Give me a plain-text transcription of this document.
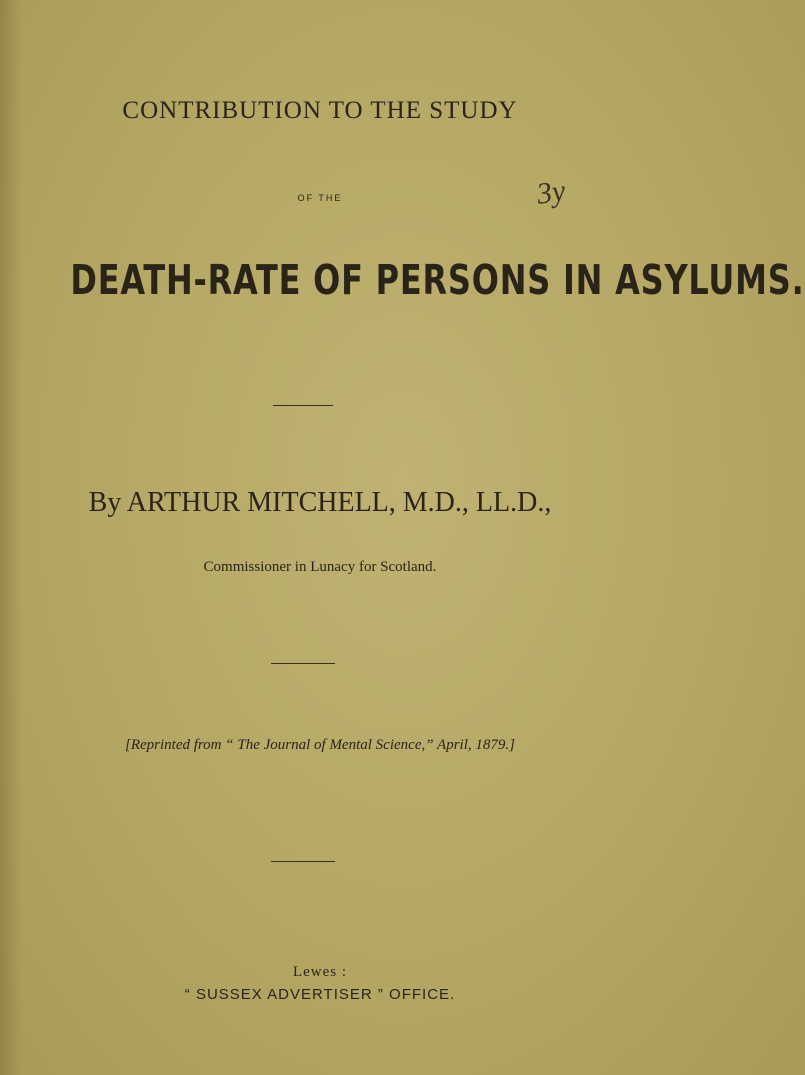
CONTRIBUTION TO THE STUDY
OF THE	3y
DEATH-RATE OF PERSONS IN ASYLUMS.
By ARTHUR MITCHELL, M.D., LL.D.,
Commissioner in Lunacy for Scotland.
[Reprinted from “ The Journal of Mental Science,” April, 1879.]
Lewes :
“ SUSSEX ADVERTISER ” OFFICE.
